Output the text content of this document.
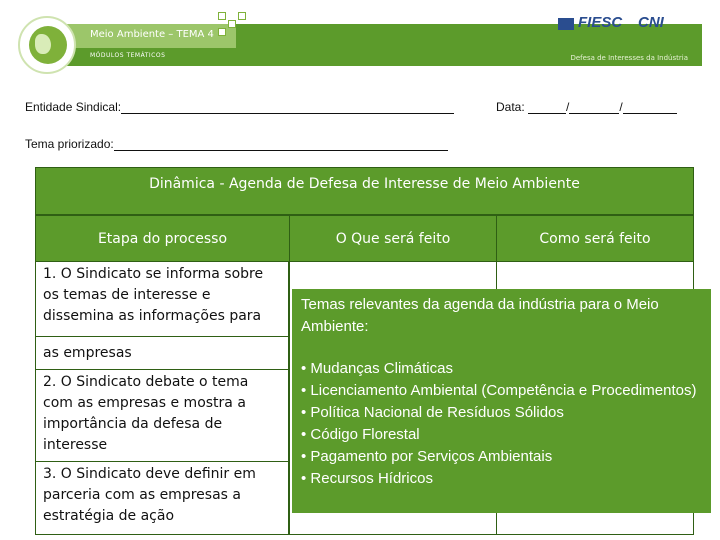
Meio Ambiente – TEMA 4
MÓDULOS TEMÁTICOS
FIESC CNI
Defesa de Interesses da Indústria
Entidade Sindical:	Data:	/	/
Tema priorizado:
Dinâmica - Agenda de Defesa de Interesse de Meio Ambiente
Etapa do processo	O Que será feito	Como será feito
1. O Sindicato se informa sobre os temas de interesse e dissemina as informações para
as empresas
2. O Sindicato debate o tema com as empresas e mostra a importância da defesa de interesse
3. O Sindicato deve definir em parceria com as empresas a estratégia de ação

Temas relevantes da agenda da indústria para o Meio Ambiente:

• Mudanças Climáticas
• Licenciamento Ambiental (Competência e Procedimentos)
• Política Nacional de Resíduos Sólidos
• Código Florestal
• Pagamento por Serviços Ambientais
• Recursos Hídricos
